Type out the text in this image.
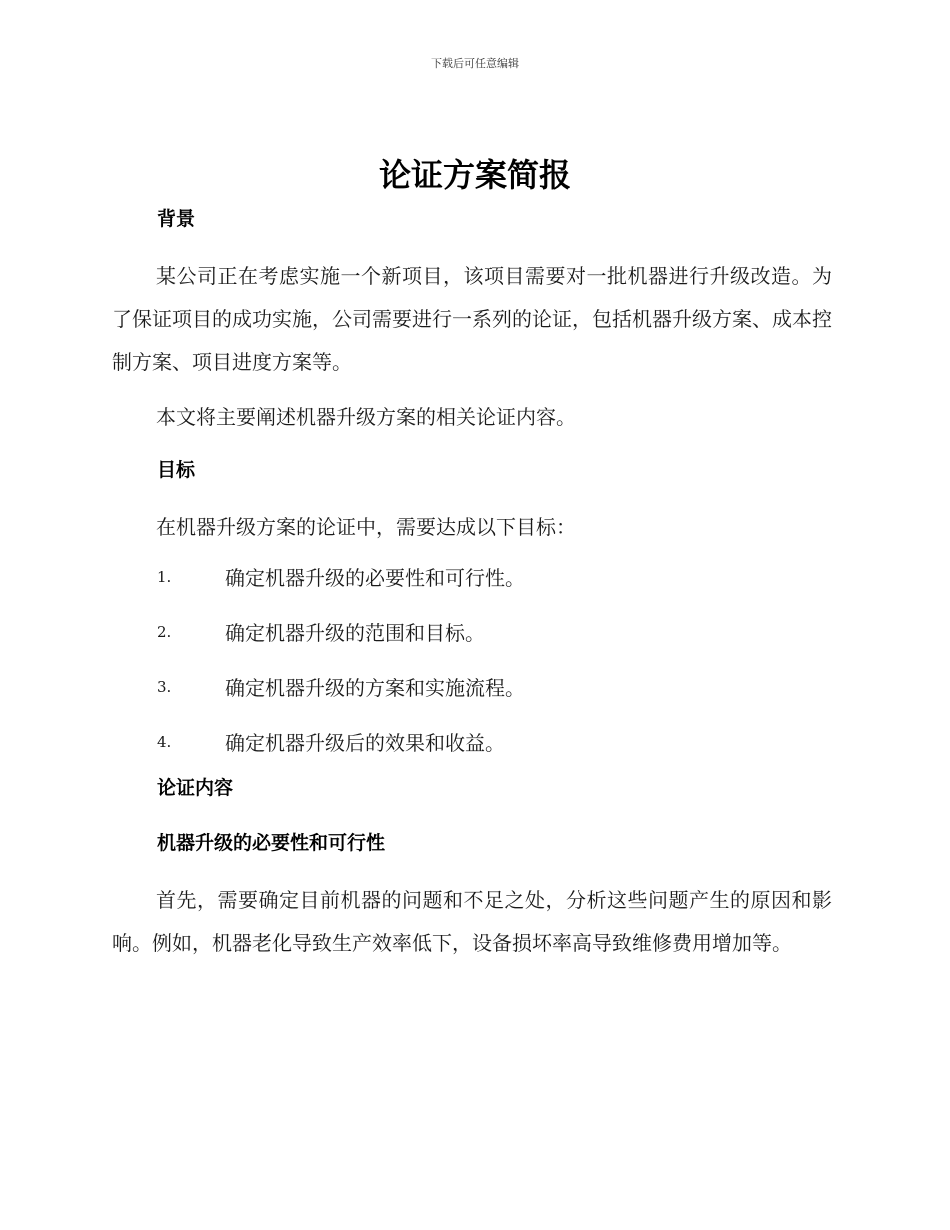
下载后可任意编辑
论证方案简报
背景

某公司正在考虑实施一个新项目，该项目需要对一批机器进行升级改造。为了保证项目的成功实施，公司需要进行一系列的论证，包括机器升级方案、成本控制方案、项目进度方案等。

本文将主要阐述机器升级方案的相关论证内容。

目标

在机器升级方案的论证中，需要达成以下目标：

1.	确定机器升级的必要性和可行性。
2.	确定机器升级的范围和目标。
3.	确定机器升级的方案和实施流程。
4.	确定机器升级后的效果和收益。
论证内容
机器升级的必要性和可行性

首先，需要确定目前机器的问题和不足之处，分析这些问题产生的原因和影响。例如，机器老化导致生产效率低下，设备损坏率高导致维修费用增加等。
